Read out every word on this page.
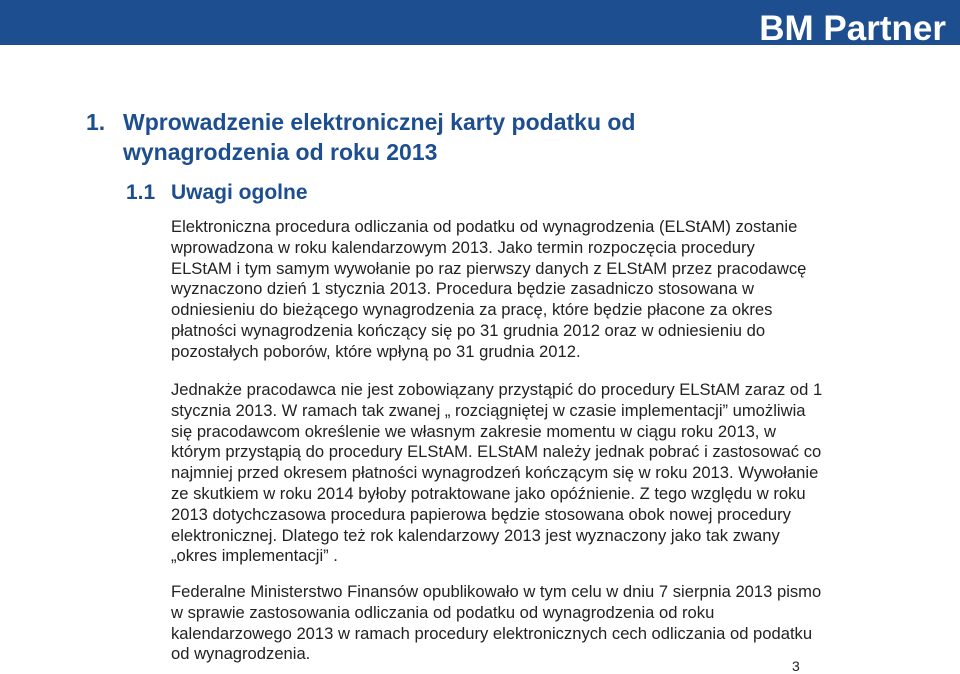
BM Partner
1. Wprowadzenie elektronicznej karty podatku od
wynagrodzenia od roku 2013
1.1 Uwagi ogolne
Elektroniczna procedura odliczania od podatku od wynagrodzenia (ELStAM) zostanie
wprowadzona w roku kalendarzowym 2013. Jako termin rozpoczęcia procedury
ELStAM i tym samym wywołanie po raz pierwszy danych z ELStAM przez pracodawcę
wyznaczono dzień 1 stycznia 2013. Procedura będzie zasadniczo stosowana w
odniesieniu do bieżącego wynagrodzenia za pracę, które będzie płacone za okres
płatności wynagrodzenia kończący się po 31 grudnia 2012 oraz w odniesieniu do
pozostałych poborów, które wpłyną po 31 grudnia 2012.
Jednakże pracodawca nie jest zobowiązany przystąpić do procedury ELStAM zaraz od 1
stycznia 2013. W ramach tak zwanej „ rozciągniętej w czasie implementacji” umożliwia
się pracodawcom określenie we własnym zakresie momentu w ciągu roku 2013, w
którym przystąpią do procedury ELStAM. ELStAM należy jednak pobrać i zastosować co
najmniej przed okresem płatności wynagrodzeń kończącym się w roku 2013. Wywołanie
ze skutkiem w roku 2014 byłoby potraktowane jako opóźnienie. Z tego względu w roku
2013 dotychczasowa procedura papierowa będzie stosowana obok nowej procedury
elektronicznej. Dlatego też rok kalendarzowy 2013 jest wyznaczony jako tak zwany
„okres implementacji” .
Federalne Ministerstwo Finansów opublikowało w tym celu w dniu 7 sierpnia 2013 pismo
w sprawie zastosowania odliczania od podatku od wynagrodzenia od roku
kalendarzowego 2013 w ramach procedury elektronicznych cech odliczania od podatku
od wynagrodzenia.
3
